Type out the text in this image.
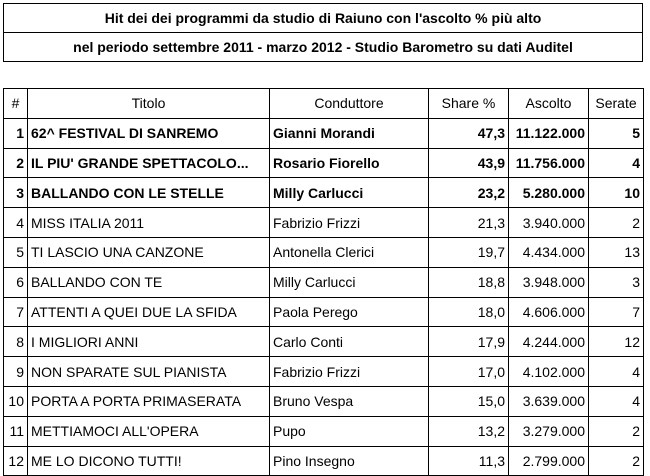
Hit dei dei programmi da studio di Raiuno con l'ascolto % più alto
nel periodo settembre 2011 - marzo 2012 - Studio Barometro su dati Auditel
#	Titolo	Conduttore	Share %	Ascolto	Serate
1	62^ FESTIVAL DI SANREMO	Gianni Morandi	47,3	11.122.000	5
2	IL PIU' GRANDE SPETTACOLO...	Rosario Fiorello	43,9	11.756.000	4
3	BALLANDO CON LE STELLE	Milly Carlucci	23,2	5.280.000	10
4	MISS ITALIA 2011	Fabrizio Frizzi	21,3	3.940.000	2
5	TI LASCIO UNA CANZONE	Antonella Clerici	19,7	4.434.000	13
6	BALLANDO CON TE	Milly Carlucci	18,8	3.948.000	3
7	ATTENTI A QUEI DUE LA SFIDA	Paola Perego	18,0	4.606.000	7
8	I MIGLIORI ANNI	Carlo Conti	17,9	4.244.000	12
9	NON SPARATE SUL PIANISTA	Fabrizio Frizzi	17,0	4.102.000	4
10	PORTA A PORTA PRIMASERATA	Bruno Vespa	15,0	3.639.000	4
11	METTIAMOCI ALL'OPERA	Pupo	13,2	3.279.000	2
12	ME LO DICONO TUTTI!	Pino Insegno	11,3	2.799.000	2
